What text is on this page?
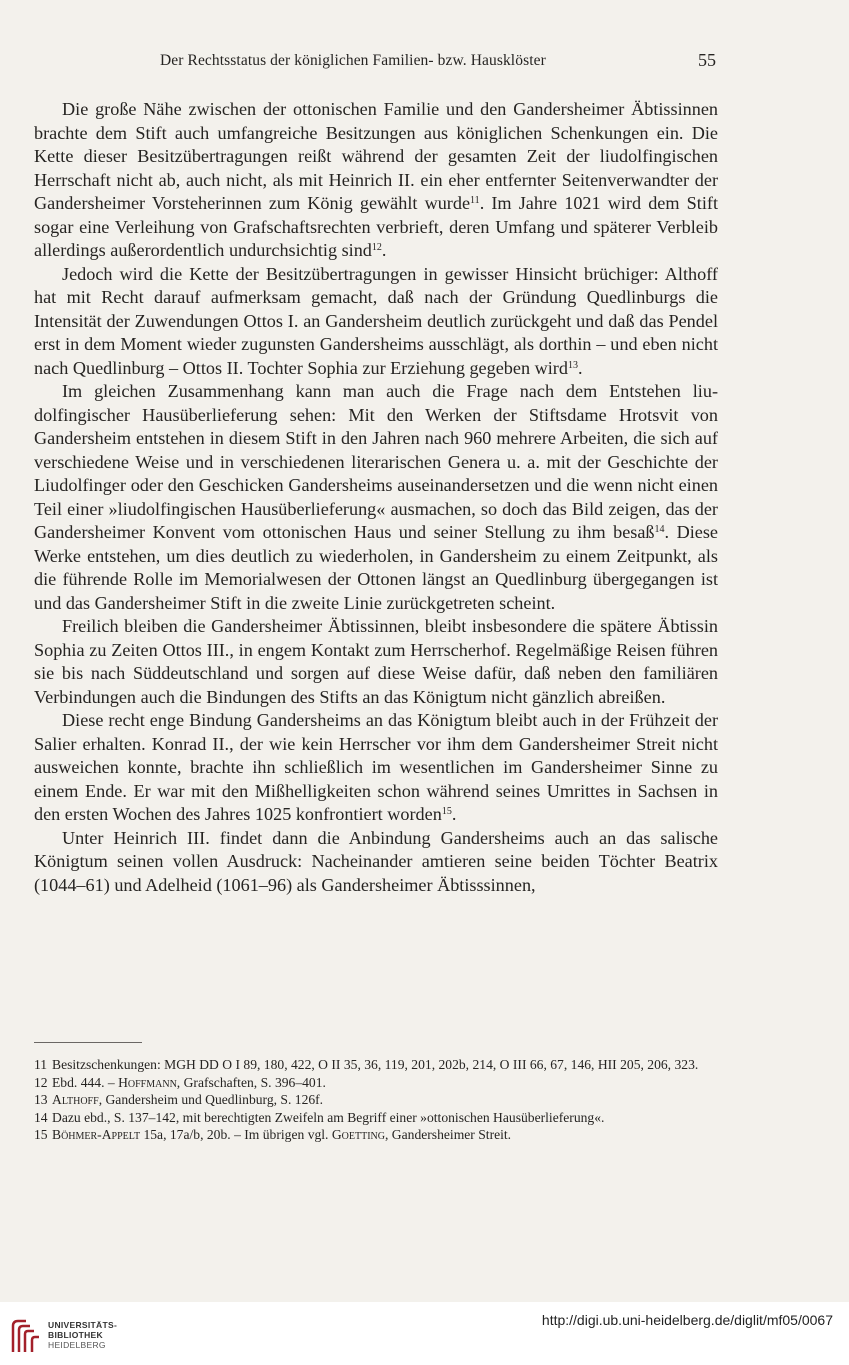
Der Rechtsstatus der königlichen Familien- bzw. Hausklöster	55

Die große Nähe zwischen der ottonischen Familie und den Gandersheimer Äbtissinnen brachte dem Stift auch umfangreiche Besitzungen aus königlichen Schenkungen ein. Die Kette dieser Besitzübertragungen reißt während der gesamten Zeit der liudolfingischen Herrschaft nicht ab, auch nicht, als mit Heinrich II. ein eher entfernter Seitenverwandter der Gandersheimer Vorsteherinnen zum König gewählt wurde$^{11}$. Im Jahre 1021 wird dem Stift sogar eine Verleihung von Grafschaftsrechten verbrieft, deren Umfang und späterer Verbleib allerdings außerordentlich undurchsichtig sind$^{12}$.

Jedoch wird die Kette der Besitzübertragungen in gewisser Hinsicht brüchiger: Althoff hat mit Recht darauf aufmerksam gemacht, daß nach der Gründung Quedlinburgs die Intensität der Zuwendungen Ottos I. an Gandersheim deutlich zurückgeht und daß das Pendel erst in dem Moment wieder zugunsten Gandersheims ausschlägt, als dorthin – und eben nicht nach Quedlinburg – Ottos II. Tochter Sophia zur Erziehung gegeben wird$^{13}$.

Im gleichen Zusammenhang kann man auch die Frage nach dem Entstehen liudolfingischer Hausüberlieferung sehen: Mit den Werken der Stiftsdame Hrotsvit von Gandersheim entstehen in diesem Stift in den Jahren nach 960 mehrere Arbeiten, die sich auf verschiedene Weise und in verschiedenen literarischen Genera u. a. mit der Geschichte der Liudolfinger oder den Geschicken Gandersheims auseinandersetzen und die wenn nicht einen Teil einer »liudolfingischen Hausüberlieferung« ausmachen, so doch das Bild zeigen, das der Gandersheimer Konvent vom ottonischen Haus und seiner Stellung zu ihm besaß$^{14}$. Diese Werke entstehen, um dies deutlich zu wiederholen, in Gandersheim zu einem Zeitpunkt, als die führende Rolle im Memorialwesen der Ottonen längst an Quedlinburg übergegangen ist und das Gandersheimer Stift in die zweite Linie zurückgetreten scheint.

Freilich bleiben die Gandersheimer Äbtissinnen, bleibt insbesondere die spätere Äbtissin Sophia zu Zeiten Ottos III., in engem Kontakt zum Herrscherhof. Regelmäßige Reisen führen sie bis nach Süddeutschland und sorgen auf diese Weise dafür, daß neben den familiären Verbindungen auch die Bindungen des Stifts an das Königtum nicht gänzlich abreißen.

Diese recht enge Bindung Gandersheims an das Königtum bleibt auch in der Frühzeit der Salier erhalten. Konrad II., der wie kein Herrscher vor ihm dem Gandersheimer Streit nicht ausweichen konnte, brachte ihn schließlich im wesentlichen im Gandersheimer Sinne zu einem Ende. Er war mit den Mißhelligkeiten schon während seines Umrittes in Sachsen in den ersten Wochen des Jahres 1025 konfrontiert worden$^{15}$.

Unter Heinrich III. findet dann die Anbindung Gandersheims auch an das salische Königtum seinen vollen Ausdruck: Nacheinander amtieren seine beiden Töchter Beatrix (1044–61) und Adelheid (1061–96) als Gandersheimer Äbtisssinnen,

11 Besitzschenkungen: MGH DD O I 89, 180, 422, O II 35, 36, 119, 201, 202b, 214, O III 66, 67, 146, HII 205, 206, 323.
12 Ebd. 444. – Hoffmann, Grafschaften, S. 396–401.
13 Althoff, Gandersheim und Quedlinburg, S. 126f.
14 Dazu ebd., S. 137–142, mit berechtigten Zweifeln am Begriff einer »ottonischen Hausüberlieferung«.
15 Böhmer-Appelt 15a, 17a/b, 20b. – Im übrigen vgl. Goetting, Gandersheimer Streit.
UNIVERSITÄTS-
BIBLIOTHEK
HEIDELBERG
http://digi.ub.uni-heidelberg.de/diglit/mf05/0067
